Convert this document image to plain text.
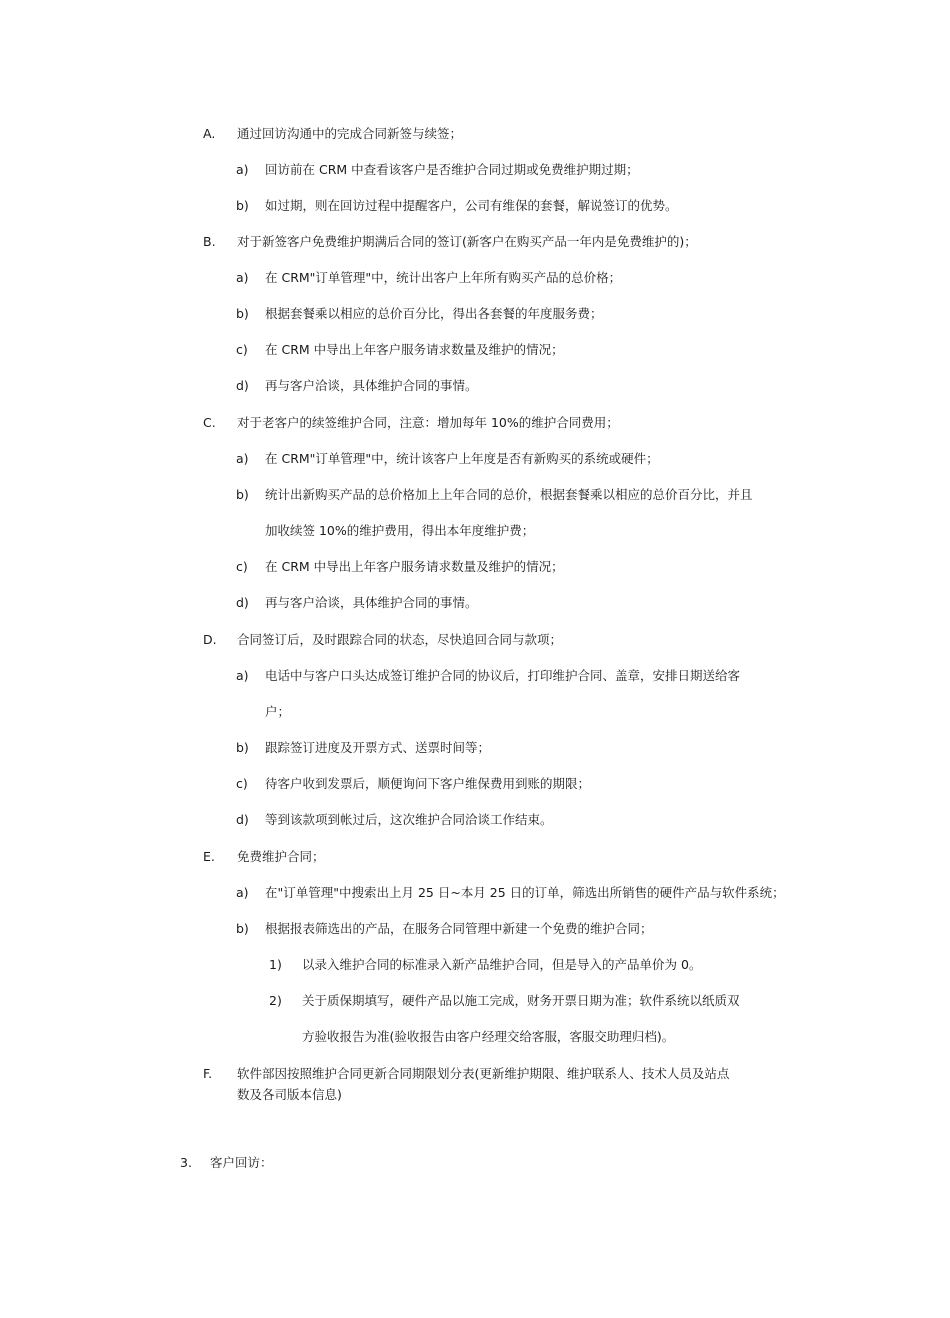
A. 通过回访沟通中的完成合同新签与续签；
a) 回访前在 CRM 中查看该客户是否维护合同过期或免费维护期过期；
b) 如过期，则在回访过程中提醒客户，公司有维保的套餐，解说签订的优势。
B. 对于新签客户免费维护期满后合同的签订(新客户在购买产品一年内是免费维护的)；
a) 在 CRM"订单管理"中，统计出客户上年所有购买产品的总价格；
b) 根据套餐乘以相应的总价百分比，得出各套餐的年度服务费；
c) 在 CRM 中导出上年客户服务请求数量及维护的情况；
d) 再与客户洽谈，具体维护合同的事情。
C. 对于老客户的续签维护合同，注意：增加每年 10%的维护合同费用；
a) 在 CRM"订单管理"中，统计该客户上年度是否有新购买的系统或硬件；
b) 统计出新购买产品的总价格加上上年合同的总价，根据套餐乘以相应的总价百分比，并且
加收续签 10%的维护费用，得出本年度维护费；
c) 在 CRM 中导出上年客户服务请求数量及维护的情况；
d) 再与客户洽谈，具体维护合同的事情。
D. 合同签订后，及时跟踪合同的状态，尽快追回合同与款项；
a) 电话中与客户口头达成签订维护合同的协议后，打印维护合同、盖章，安排日期送给客
户；
b) 跟踪签订进度及开票方式、送票时间等；
c) 待客户收到发票后，顺便询问下客户维保费用到账的期限；
d) 等到该款项到帐过后，这次维护合同洽谈工作结束。
E. 免费维护合同；
a) 在"订单管理"中搜索出上月 25 日~本月 25 日的订单，筛选出所销售的硬件产品与软件系统；
b) 根据报表筛选出的产品，在服务合同管理中新建一个免费的维护合同；
1) 以录入维护合同的标准录入新产品维护合同，但是导入的产品单价为 0。
2) 关于质保期填写，硬件产品以施工完成，财务开票日期为准；软件系统以纸质双
方验收报告为准(验收报告由客户经理交给客服，客服交助理归档)。
F. 软件部因按照维护合同更新合同期限划分表(更新维护期限、维护联系人、技术人员及站点
数及各司版本信息)
3. 客户回访：
